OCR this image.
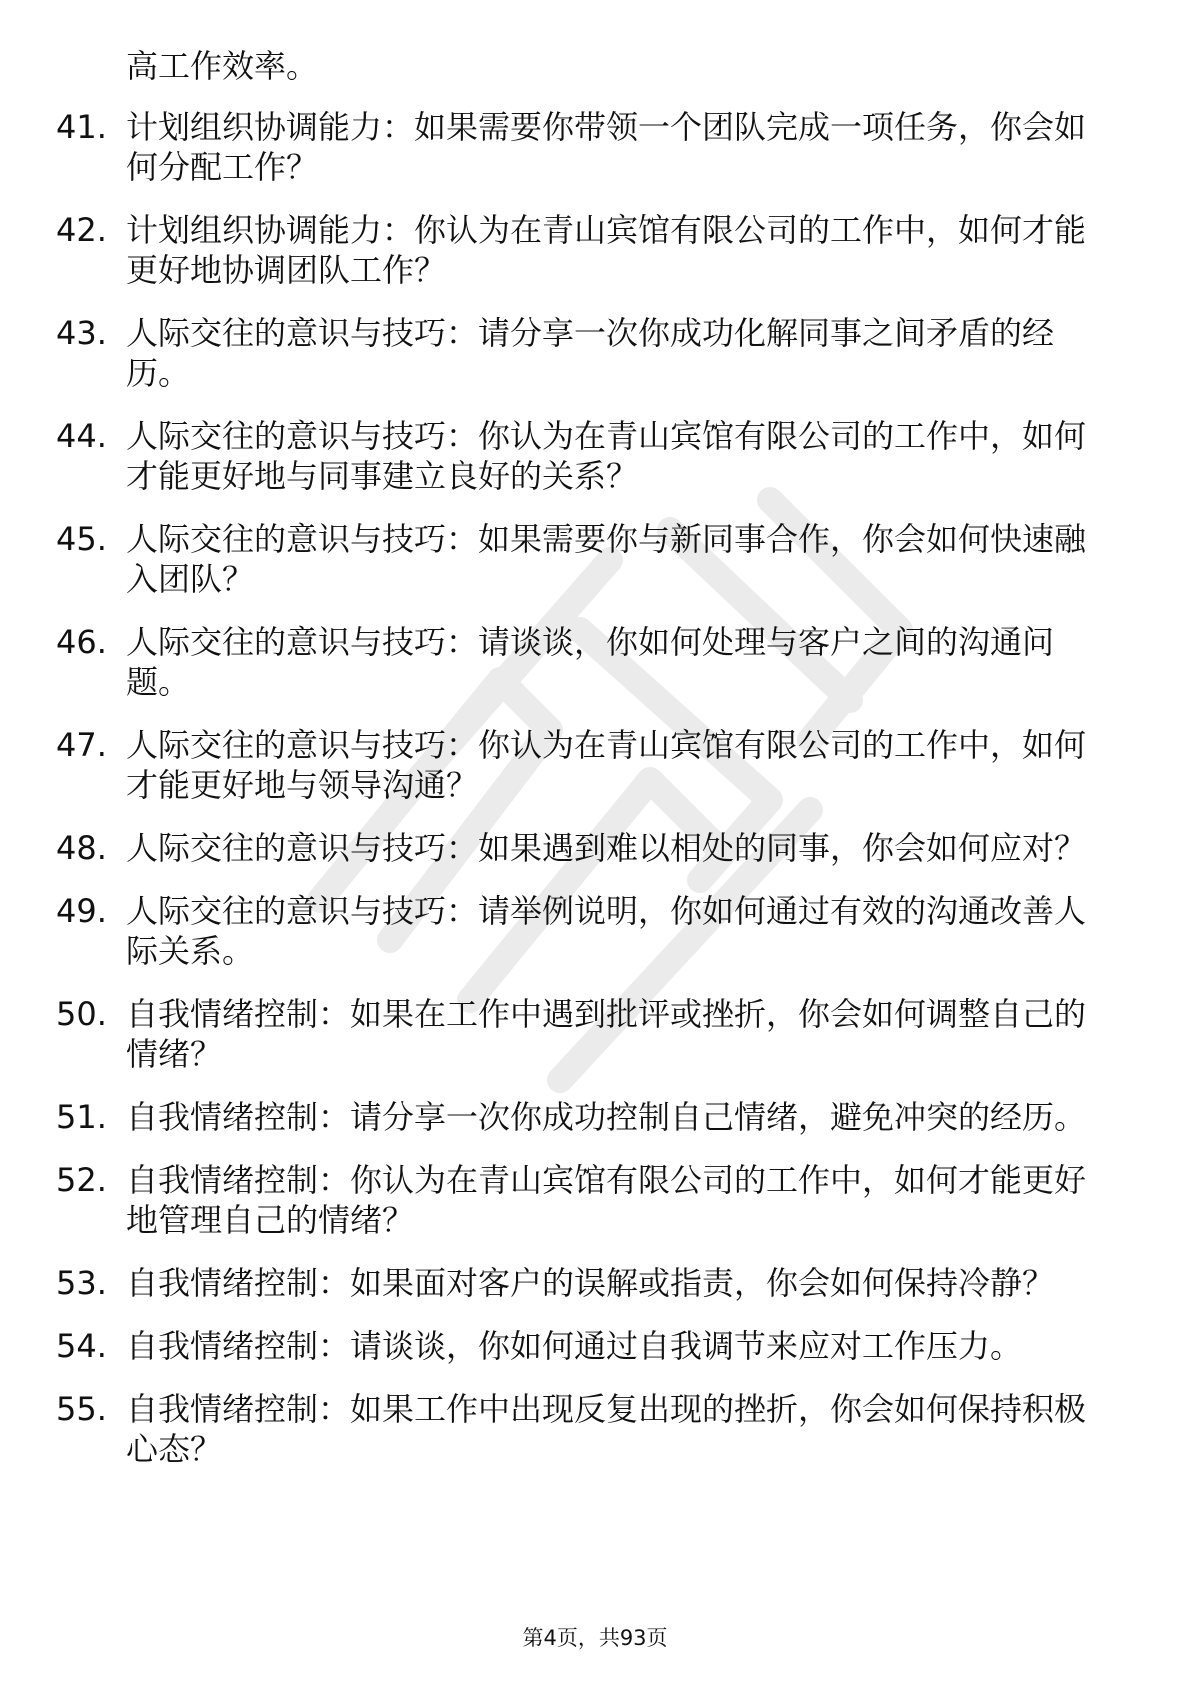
高工作效率。
41. 计划组织协调能力：如果需要你带领一个团队完成一项任务，你会如何分配工作？
42. 计划组织协调能力：你认为在青山宾馆有限公司的工作中，如何才能更好地协调团队工作？
43. 人际交往的意识与技巧：请分享一次你成功化解同事之间矛盾的经历。
44. 人际交往的意识与技巧：你认为在青山宾馆有限公司的工作中，如何才能更好地与同事建立良好的关系？
45. 人际交往的意识与技巧：如果需要你与新同事合作，你会如何快速融入团队？
46. 人际交往的意识与技巧：请谈谈，你如何处理与客户之间的沟通问题。
47. 人际交往的意识与技巧：你认为在青山宾馆有限公司的工作中，如何才能更好地与领导沟通？
48. 人际交往的意识与技巧：如果遇到难以相处的同事，你会如何应对？
49. 人际交往的意识与技巧：请举例说明，你如何通过有效的沟通改善人际关系。
50. 自我情绪控制：如果在工作中遇到批评或挫折，你会如何调整自己的情绪？
51. 自我情绪控制：请分享一次你成功控制自己情绪，避免冲突的经历。
52. 自我情绪控制：你认为在青山宾馆有限公司的工作中，如何才能更好地管理自己的情绪？
53. 自我情绪控制：如果面对客户的误解或指责，你会如何保持冷静？
54. 自我情绪控制：请谈谈，你如何通过自我调节来应对工作压力。
55. 自我情绪控制：如果工作中出现反复出现的挫折，你会如何保持积极心态？
第4页，共93页
